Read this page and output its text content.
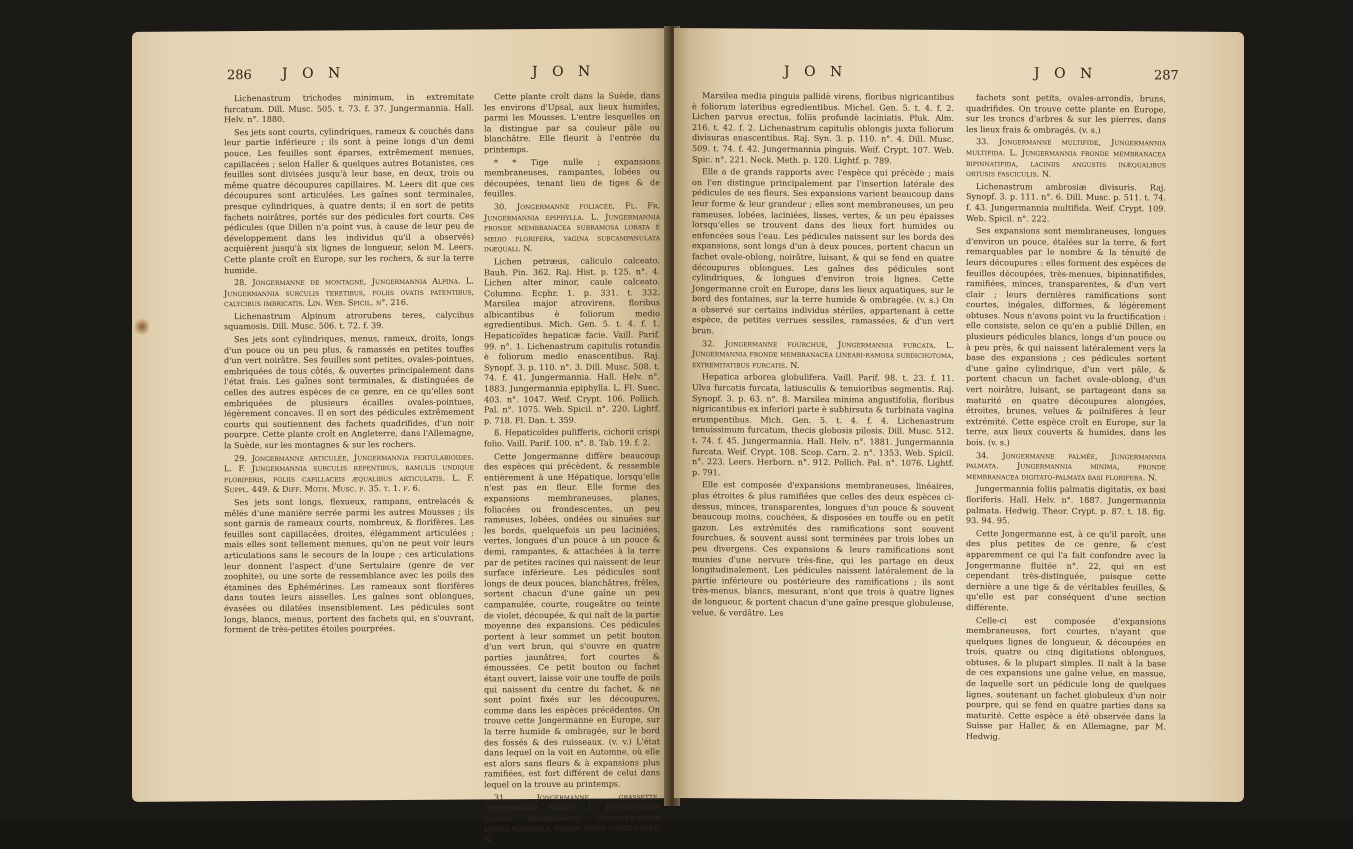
286 J O N	J O N

Lichenastrum trichodes minimum, in extremitate furcatum. Dill. Musc. 505. t. 73. f. 37. Jungermannia. Hall. Helv. n°. 1880.

Ses jets sont courts, cylindriques, rameux & couchés dans leur partie inférieure ; ils sont à peine longs d'un demi pouce. Les feuilles sont éparses, extrêmement menues, capillacées ; selon Haller & quelques autres Botanistes, ces feuilles sont divisées jusqu'à leur base, en deux, trois ou même quatre découpures capillaires. M. Leers dit que ces découpures sont articulées. Les gaînes sont terminales, presque cylindriques, à quatre dents; il en sort de petits fachets noirâtres, portés sur des pédicules fort courts. Ces pédicules (que Dillen n'a point vus, à cause de leur peu de développement dans les individus qu'il a observés) acquièrent jusqu'à six lignes de longueur, selon M. Leers. Cette plante croît en Europe, sur les rochers, & sur la terre humide.

28. Jongermanne de montagne, Jungermannia Alpina. L. Jungermannia surculis teretibus, foliis ovatis patentibus, calycibus imbricatis. Lin. Web. Spicil. n°. 216.

Lichenastrum Alpinum atrorubens teres, calycibus squamosis. Dill. Musc. 506. t. 72. f. 39.

Ses jets sont cylindriques, menus, rameux, droits, longs d'un pouce ou un peu plus, & ramassés en petites touffes d'un vert noirâtre. Ses feuilles sont petites, ovales-pointues, embriquées de tous côtés, & ouvertes principalement dans l'état frais. Les gaînes sont terminales, & distinguées de celles des autres espèces de ce genre, en ce qu'elles sont embriquées de plusieurs écailles ovales-pointues, légèrement concaves. Il en sort des pédicules extrêmement courts qui soutiennent des fachets quadrifides, d'un noir pourpre. Cette plante croît en Angleterre, dans l'Allemagne, la Suède, sur les montagnes & sur les rochers.

29. Jongermanne articulée, Jungermannia fertularioides. L. F. Jungermannia surculis repentibus, ramulis undique floriferis, foliis capillaceis æqualibus articulatis. L. F. Suppl. 449. & Diff. Moth. Musc. p. 35. t. 1. f. 6.

Ses jets sont longs, flexueux, rampans, entrelacés & mêlés d'une manière serrée parmi les autres Mousses ; ils sont garnis de rameaux courts, nombreux, & florifères. Les feuilles sont capillacées, droites, élégamment articulées ; mais elles sont tellement menues, qu'on ne peut voir leurs articulations sans le secours de la loupe ; ces articulations leur donnent l'aspect d'une Sertulaire (genre de ver zoophite), ou une sorte de ressemblance avec les poils des étamines des Ephémérines. Les rameaux sont florifères dans toutes leurs aisselles. Les gaînes sont oblongues, évasées ou dilatées insensiblement. Les pédicules sont longs, blancs, menus, portent des fachets qui, en s'ouvrant, forment de très-petites étoiles pourprées.

Cette plante croît dans la Suède, dans les environs d'Upsal, aux lieux humides, parmi les Mousses. L'entre lesquelles on la distingue par sa couleur pâle ou blanchâtre. Elle fleurit à l'entrée du printemps.

* * Tige nulle ; expansions membraneuses, rampantes, lobées ou découpées, tenant lieu de tiges & de feuilles.

30. Jongermanne foliacée, Fl. Fr. Jungermannia epiphylla. L. Jungermannia fronde membranacea subramosa lobata è medio florifera, vagina subcampanulata inæquali. N.

Lichen petræus, caliculo calceato. Bauh. Pin. 362. Raj. Hist. p. 125. n°. 4. Lichen alter minor, caule calceato. Columno. Ecphr. 1. p. 331. t. 332. Marsilea major atrovirens, floribus albicantibus è foliorum medio egredientibus. Mich. Gen. 5. t. 4. f. 1. Hepaticoïdes hepaticæ facie. Vaill. Parif. 99. n°. 1. Lichenastrum capitulis rotundis è foliorum medio enascentibus. Raj. Synopf. 3. p. 110. n°. 3. Dill. Musc. 508. t. 74. f. 41. Jungermannia. Hall. Helv. n°. 1883. Jungermannia epiphylla. L. Fl. Suec. 403. n°. 1047. Weif. Crypt. 106. Pollich. Pal. n°. 1075. Web. Spicil. n°. 220. Lightf. p. 718. Fl. Dan. t. 359.

ß. Hepaticoïdes pulifferis, cichorii crispi folio. Vaill. Parif. 100. n°. 8. Tab. 19. f. 2.

Cette Jongermanne diffère beaucoup des espèces qui précèdent, & ressemble entièrement à une Hépatique, lorsqu'elle n'est pas en fleur. Elle forme des expansions membraneuses, planes, foliacées ou frondescentes, un peu rameuses, lobées, ondées ou sinuées sur les bords, quelquefois un peu laciniées, vertes, longues d'un pouce à un pouce & demi, rampantes, & attachées à la terre par de petites racines qui naissent de leur surface inférieure. Les pédicules sont longs de deux pouces, blanchâtres, frêles, sortent chacun d'une gaîne un peu campanulée, courte, rougeâtre ou teinte de violet, découpée, & qui naît de la partie moyenne des expansions. Ces pédicules portent à leur sommet un petit bouton d'un vert brun, qui s'ouvre en quatre parties jaunâtres, fort courtes & émoussées. Ce petit bouton ou fachet étant ouvert, laisse voir une touffe de poils qui naissent du centre du fachet, & ne sont point fixés sur les découpures, comme dans les espèces précédentes. On trouve cette Jongermanne en Europe, sur la terre humide & ombragée, sur le bord des fossés & des ruisseaux. (v. v.) L'état dans lequel on la voit en Automne, où elle est alors sans fleurs & à expansions plus ramifiées, est fort différent de celui dans lequel on la trouve au printemps.

31. Jongermanne grassette, Jungermannia pinguis. L. Jungermannia fronde membranacea lobato-laciniata latere florifera, vagina tereti longiuscula. N.

J O N	J O N	287

Marsilea media pinguis pallidè virens, floribus nigricantibus è foliorum lateribus egredientibus. Michel. Gen. 5. t. 4. f. 2. Lichen parvus erectus, foliis profundè laciniatis. Pluk. Alm. 216. t. 42. f. 2. Lichenastrum capitulis oblongis juxta foliorum divisuras enascentibus. Raj. Syn. 3. p. 110. n°. 4. Dill. Musc. 509. t. 74. f. 42. Jungermannia pinguis. Weif. Crypt. 107. Web. Spic. n°. 221. Neck. Meth. p. 120. Lightf. p. 789.

Elle a de grands rapports avec l'espèce qui précède ; mais on l'en distingue principalement par l'insertion latérale des pédicules de ses fleurs. Ses expansions varient beaucoup dans leur forme & leur grandeur ; elles sont membraneuses, un peu rameuses, lobées, laciniées, lisses, vertes, & un peu épaisses lorsqu'elles se trouvent dans des lieux fort humides ou enfoncées sous l'eau. Les pédicules naissent sur les bords des expansions, sont longs d'un à deux pouces, portent chacun un fachet ovale-oblong, noirâtre, luisant, & qui se fend en quatre découpures oblongues. Les gaînes des pédicules sont cylindriques, & longues d'environ trois lignes. Cette Jongermanne croît en Europe, dans les lieux aquatiques, sur le bord des fontaines, sur la terre humide & ombragée. (v. s.) On a observé sur certains individus stériles, appartenant à cette espèce, de petites verrues sessiles, ramassées, & d'un vert brun.

32. Jongermanne fourchue, Jungermannia furcata. L. Jungermannia fronde membranacea lineari-ramosa subdichotoma, extremitatibus furcatis. N.

Hepatica arborea globulifera. Vaill. Parif. 98. t. 23. f. 11. Ulva furcatis furcata, latiusculis & tenuioribus segmentis. Raj. Synopf. 3. p. 63. n°. 8. Marsilea minima angustifolia, floribus nigricantibus ex inferiori parte è subhirsuta & turbinata vagina erumpentibus. Mich. Gen. 5. t. 4. f. 4. Lichenastrum tenuissimum furcatum, thecis globosis pilosis. Dill. Musc. 512. t. 74. f. 45. Jungermannia. Hall. Helv. n°. 1881. Jungermannia furcata. Weif. Crypt. 108. Scop. Carn. 2. n°. 1353. Web. Spicil. n°. 223. Leers. Herborn. n°. 912. Pollich. Pal. n°. 1076. Lightf. p. 791.

Elle est composée d'expansions membraneuses, linéaires, plus étroites & plus ramifiées que celles des deux espèces ci-dessus, minces, transparentes, longues d'un pouce & souvent beaucoup moins, couchées, & disposées en touffe ou en petit gazon. Les extrémités des ramifications sont souvent fourchues, & souvent aussi sont terminées par trois lobes un peu divergens. Ces expansions & leurs ramifications sont munies d'une nervure très-fine, qui les partage en deux longitudinalement. Les pédicules naissent latéralement de la partie inférieure ou postérieure des ramifications ; ils sont très-menus, blancs, mesurant, n'ont que trois à quatre lignes de longueur, & portent chacun d'une gaîne presque globuleuse, velue, & verdâtre. Les

fachets sont petits, ovales-arrondis, bruns, quadrifides. On trouve cette plante en Europe, sur les troncs d'arbres & sur les pierres, dans les lieux frais & ombragés. (v. s.)

33. Jongermanne multifide, Jungermannia multifida. L. Jungermannia fronde membranacea bipinnatifida, laciniis angustis inæqualibus obtusis fasciculis. N.

Lichenastrum ambrosiæ divisuris. Raj. Synopf. 3. p. 111. n°. 6. Dill. Musc. p. 511. t. 74. f. 43. Jungermannia multifida. Weif. Crypt. 109. Web. Spicil. n°. 222.

Ses expansions sont membraneuses, longues d'environ un pouce, étalées sur la terre, & fort remarquables par le nombre & la ténuité de leurs découpures : elles forment des espèces de feuilles découpées, très-menues, bipinnatifides, ramifiées, minces, transparentes, & d'un vert clair ; leurs dernières ramifications sont courtes, inégales, difformes, & légèrement obtuses. Nous n'avons point vu la fructification : elle consiste, selon ce qu'en a publié Dillen, en plusieurs pédicules blancs, longs d'un pouce ou à peu près, & qui naissent latéralement vers la base des expansions ; ces pédicules sortent d'une gaîne cylindrique, d'un vert pâle, & portent chacun un fachet ovale-oblong, d'un vert noirâtre, luisant, se partageant dans sa maturité en quatre découpures alongées, étroites, brunes, velues & poilnifères à leur extrémité. Cette espèce croît en Europe, sur la terre, aux lieux couverts & humides, dans les bois. (v. s.)

34. Jongermanne palmée, Jungermannia palmata. Jungermannia minima, fronde membranacea digitato-palmata basi florifera. N.

Jungermannia foliis palmatis digitatis, ex basi floriferis. Hall. Helv. n°. 1887. Jungermannia palmata. Hedwig. Theor. Crypt. p. 87. t. 18. fig. 93. 94. 95.

Cette Jongermanne est, à ce qu'il paroît, une des plus petites de ce genre, & c'est apparemment ce qui l'a fait confondre avec la Jongermanne fluitée n°. 22, qui en est cependant très-distinguée, puisque cette dernière a une tige & de véritables feuilles, & qu'elle est par conséquent d'une section différente.

Celle-ci est composée d'expansions membraneuses, fort courtes, n'ayant que quelques lignes de longueur, & découpées en trois, quatre ou cinq digitations oblongues, obtuses, & la plupart simples. Il naît à la base de ces expansions une gaîne velue, en massue, de laquelle sort un pédicule long de quelques lignes, soutenant un fachet globuleux d'un noir pourpre, qui se fend en quatre parties dans sa maturité. Cette espèce a été observée dans la Suisse par Haller, & en Allemagne, par M. Hedwig.
